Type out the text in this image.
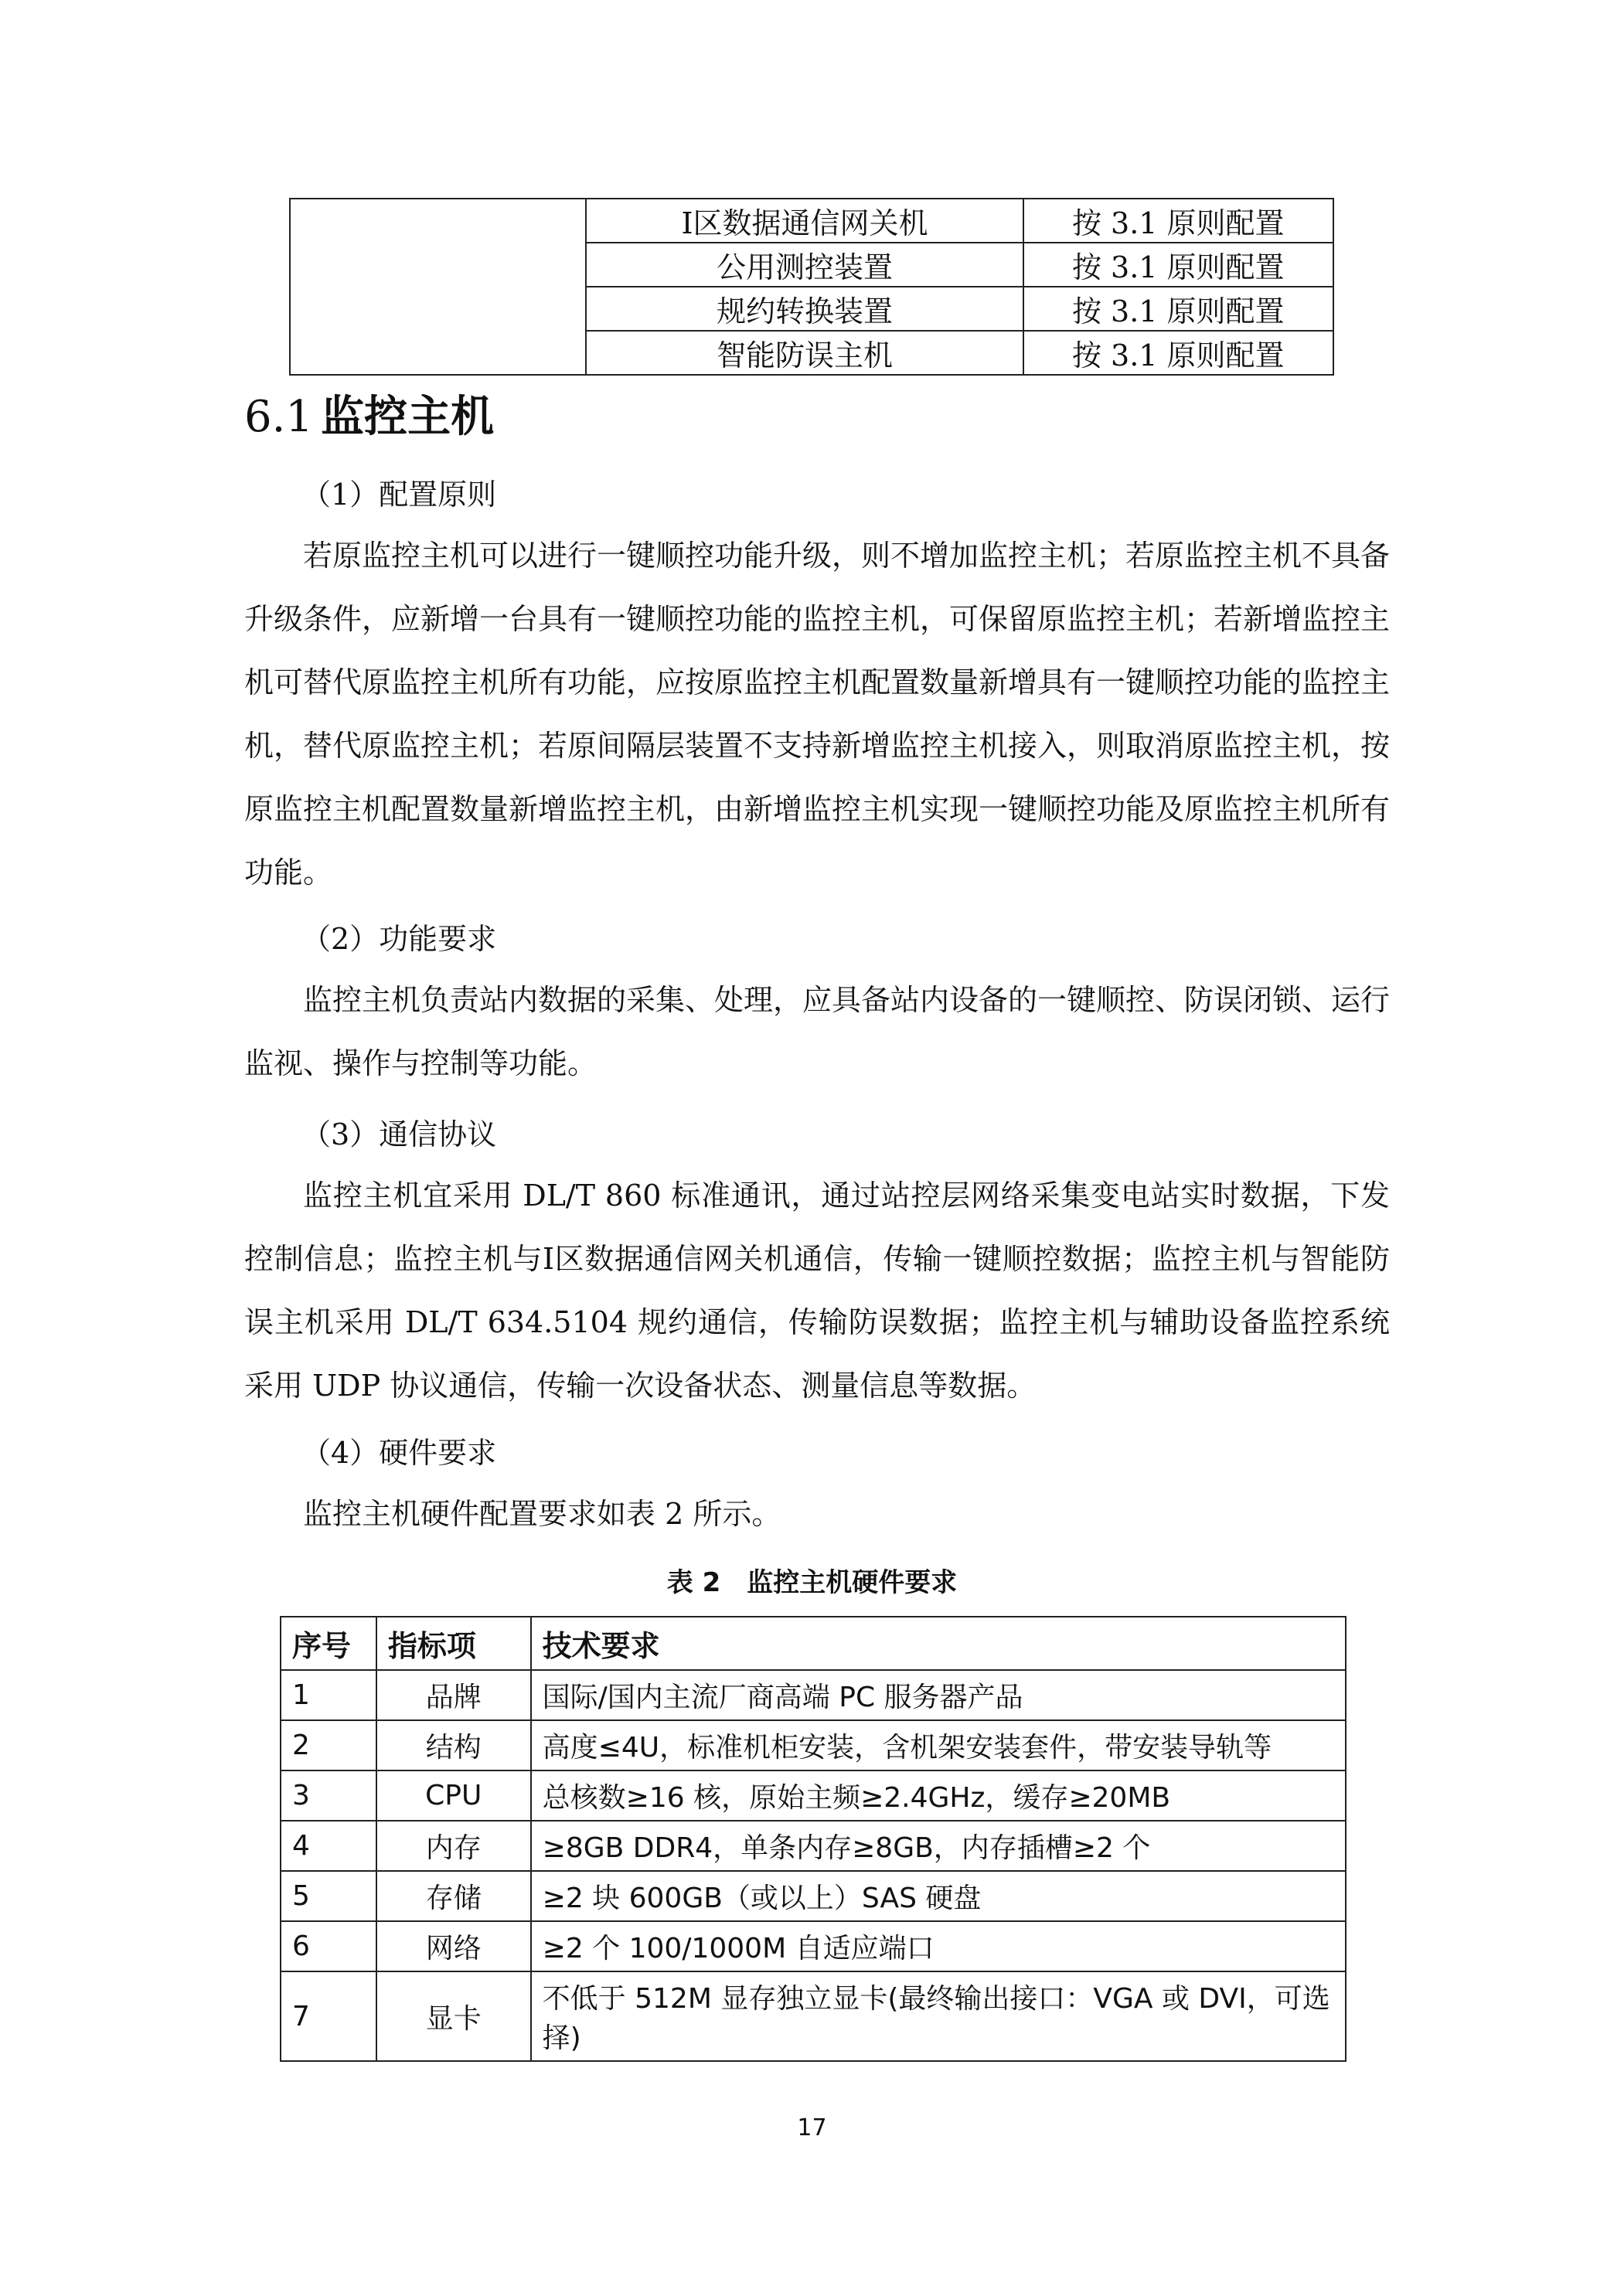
	Ⅰ区数据通信网关机	按 3.1 原则配置
	公用测控装置	按 3.1 原则配置
	规约转换装置	按 3.1 原则配置
	智能防误主机	按 3.1 原则配置
6.1 监控主机
（1）配置原则
若原监控主机可以进行一键顺控功能升级，则不增加监控主机；若原监控主机不具备升级条件，应新增一台具有一键顺控功能的监控主机，可保留原监控主机；若新增监控主机可替代原监控主机所有功能，应按原监控主机配置数量新增具有一键顺控功能的监控主机，替代原监控主机；若原间隔层装置不支持新增监控主机接入，则取消原监控主机，按原监控主机配置数量新增监控主机，由新增监控主机实现一键顺控功能及原监控主机所有功能。
（2）功能要求
监控主机负责站内数据的采集、处理，应具备站内设备的一键顺控、防误闭锁、运行监视、操作与控制等功能。
（3）通信协议
监控主机宜采用 DL/T 860 标准通讯，通过站控层网络采集变电站实时数据，下发控制信息；监控主机与Ⅰ区数据通信网关机通信，传输一键顺控数据；监控主机与智能防误主机采用 DL/T 634.5104 规约通信，传输防误数据；监控主机与辅助设备监控系统采用 UDP 协议通信，传输一次设备状态、测量信息等数据。
（4）硬件要求
监控主机硬件配置要求如表 2 所示。
表 2　监控主机硬件要求
序号	指标项	技术要求
1	品牌	国际/国内主流厂商高端 PC 服务器产品
2	结构	高度≤4U，标准机柜安装，含机架安装套件，带安装导轨等
3	CPU	总核数≥16 核，原始主频≥2.4GHz，缓存≥20MB
4	内存	≥8GB DDR4，单条内存≥8GB，内存插槽≥2 个
5	存储	≥2 块 600GB（或以上）SAS 硬盘
6	网络	≥2 个 100/1000M 自适应端口
7	显卡	不低于 512M 显存独立显卡(最终输出接口：VGA 或 DVI，可选择)
17
